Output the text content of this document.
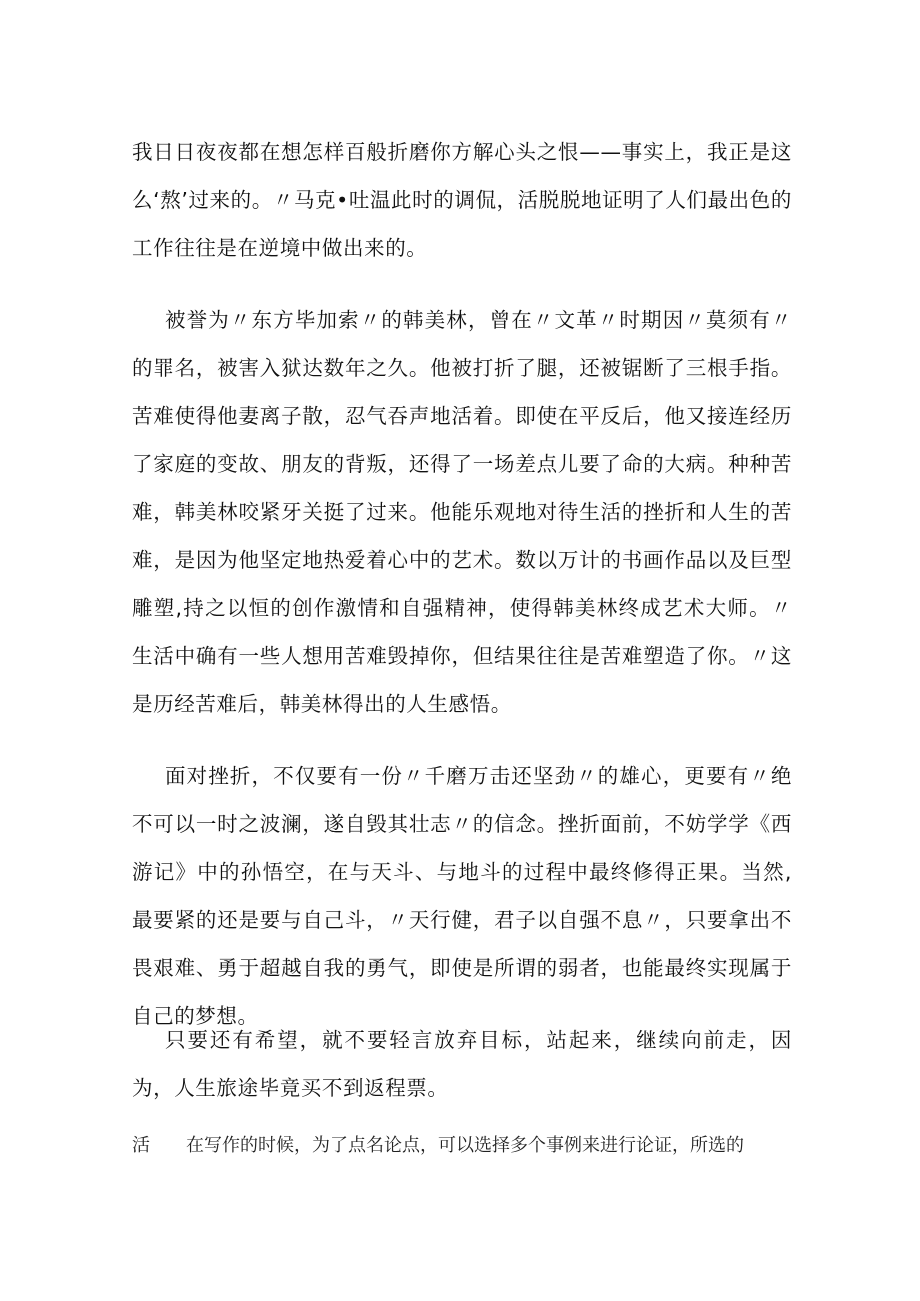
我日日夜夜都在想怎样百般折磨你方解心头之恨——事实上，我正是这么‘熬’过来的。〃马克•吐温此时的调侃，活脱脱地证明了人们最出色的工作往往是在逆境中做出来的。

被誉为〃东方毕加索〃的韩美林，曾在〃文革〃时期因〃莫须有〃的罪名，被害入狱达数年之久。他被打折了腿，还被锯断了三根手指。苦难使得他妻离子散，忍气吞声地活着。即使在平反后，他又接连经历了家庭的变故、朋友的背叛，还得了一场差点儿要了命的大病。种种苦难，韩美林咬紧牙关挺了过来。他能乐观地对待生活的挫折和人生的苦难，是因为他坚定地热爱着心中的艺术。数以万计的书画作品以及巨型雕塑,持之以恒的创作激情和自强精神，使得韩美林终成艺术大师。〃生活中确有一些人想用苦难毁掉你，但结果往往是苦难塑造了你。〃这是历经苦难后，韩美林得出的人生感悟。

面对挫折，不仅要有一份〃千磨万击还坚劲〃的雄心，更要有〃绝不可以一时之波澜，遂自毁其壮志〃的信念。挫折面前，不妨学学《西游记》中的孙悟空，在与天斗、与地斗的过程中最终修得正果。当然,最要紧的还是要与自己斗，〃天行健，君子以自强不息〃，只要拿出不畏艰难、勇于超越自我的勇气，即使是所谓的弱者，也能最终实现属于自己的梦想。

只要还有希望，就不要轻言放弃目标，站起来，继续向前走，因为，人生旅途毕竟买不到返程票。

活 在写作的时候，为了点名论点，可以选择多个事例来进行论证，所选的
